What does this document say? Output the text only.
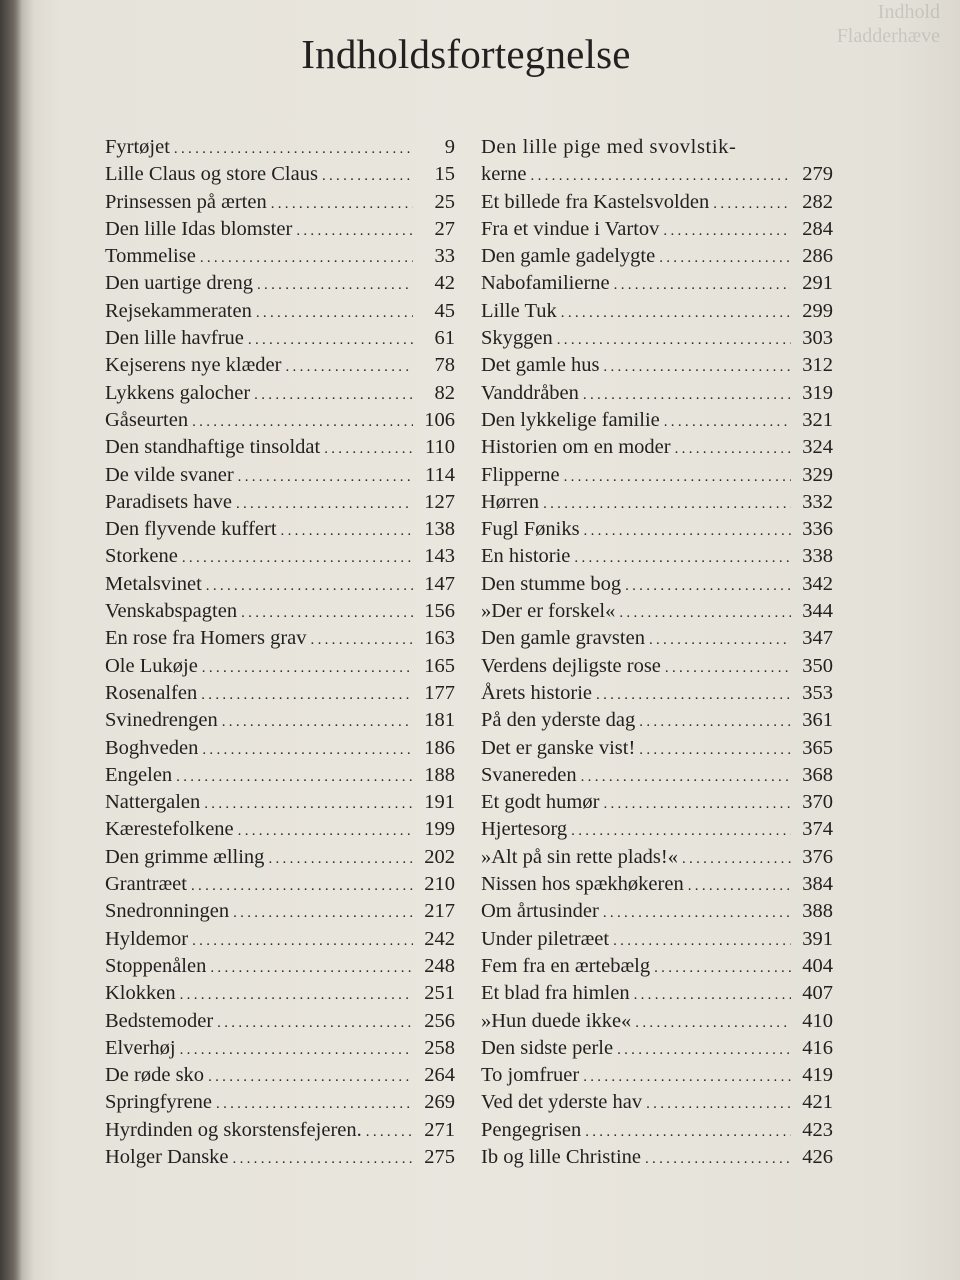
Indhold
Fladderhæve
Indholdsfortegnelse
Fyrtøjet .....	9
Lille Claus og store Claus .....	15
Prinsessen på ærten .....	25
Den lille Idas blomster .....	27
Tommelise .....	33
Den uartige dreng .....	42
Rejsekammeraten .....	45
Den lille havfrue .....	61
Kejserens nye klæder .....	78
Lykkens galocher .....	82
Gåseurten .....	106
Den standhaftige tinsoldat .....	110
De vilde svaner .....	114
Paradisets have .....	127
Den flyvende kuffert .....	138
Storkene .....	143
Metalsvinet .....	147
Venskabspagten .....	156
En rose fra Homers grav .....	163
Ole Lukøje .....	165
Rosenalfen .....	177
Svinedrengen .....	181
Boghveden .....	186
Engelen .....	188
Nattergalen .....	191
Kærestefolkene .....	199
Den grimme ælling .....	202
Grantræet .....	210
Snedronningen .....	217
Hyldemor .....	242
Stoppenålen .....	248
Klokken .....	251
Bedstemoder .....	256
Elverhøj .....	258
De røde sko .....	264
Springfyrene .....	269
Hyrdinden og skorstensfejeren. .....	271
Holger Danske .....	275
Den lille pige med svovlstik-
kerne .....	279
Et billede fra Kastelsvolden .....	282
Fra et vindue i Vartov .....	284
Den gamle gadelygte .....	286
Nabofamilierne .....	291
Lille Tuk .....	299
Skyggen .....	303
Det gamle hus .....	312
Vanddråben .....	319
Den lykkelige familie .....	321
Historien om en moder .....	324
Flipperne .....	329
Hørren .....	332
Fugl Føniks .....	336
En historie .....	338
Den stumme bog .....	342
»Der er forskel« .....	344
Den gamle gravsten .....	347
Verdens dejligste rose .....	350
Årets historie .....	353
På den yderste dag .....	361
Det er ganske vist! .....	365
Svanereden .....	368
Et godt humør .....	370
Hjertesorg .....	374
»Alt på sin rette plads!« .....	376
Nissen hos spækhøkeren .....	384
Om årtusinder .....	388
Under piletræet .....	391
Fem fra en ærtebælg .....	404
Et blad fra himlen .....	407
»Hun duede ikke« .....	410
Den sidste perle .....	416
To jomfruer .....	419
Ved det yderste hav .....	421
Pengegrisen .....	423
Ib og lille Christine .....	426
